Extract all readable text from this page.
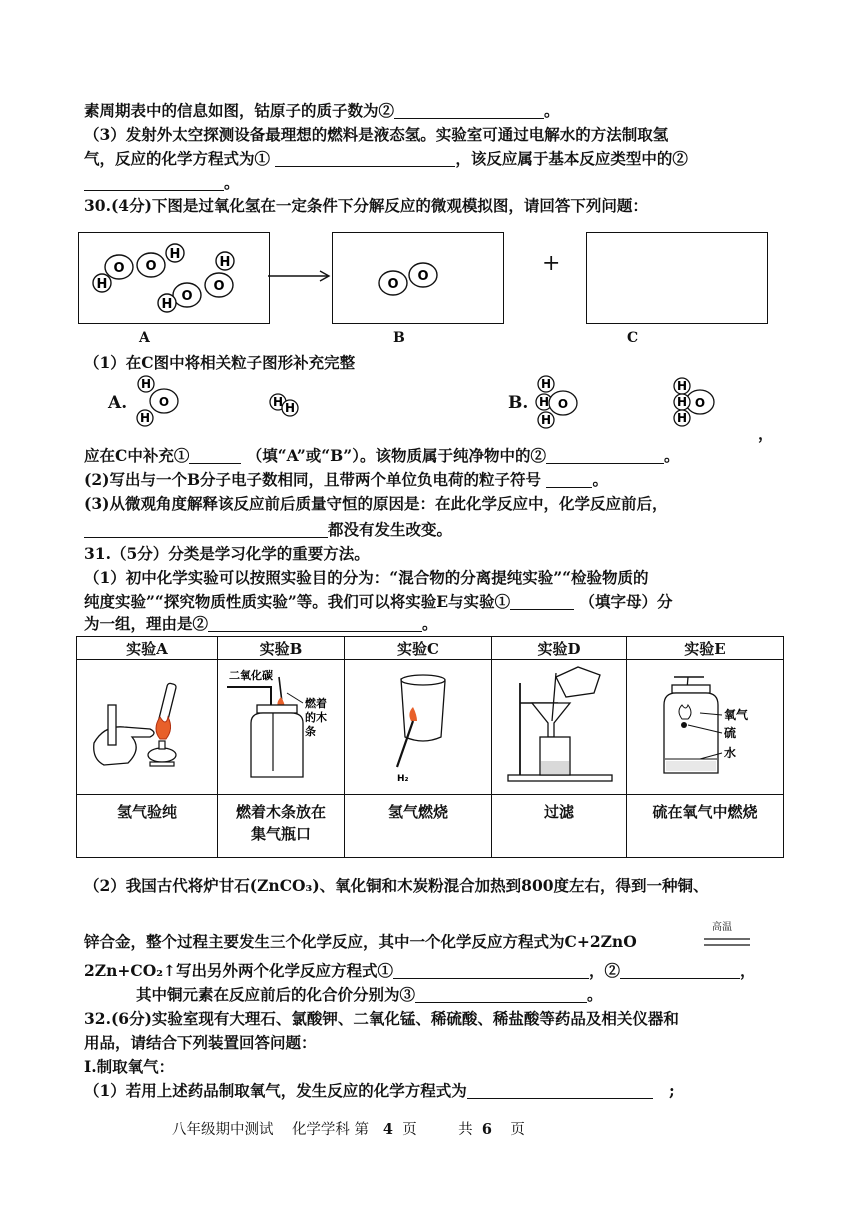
素周期表中的信息如图，钴原子的质子数为②	。
（3）发射外太空探测设备最理想的燃料是液态氢。实验室可通过电解水的方法制取氢
气，反应的化学方程式为①	，该反应属于基本反应类型中的②
。
30.(4分)下图是过氧化氢在一定条件下分解反应的微观模拟图，请回答下列问题：
O O
H
H
O
O
H
H
O
O
+
A	B	C
（1）在C图中将相关粒子图形补充完整
A.
H
O
H
H H	B.
H
H O
H
H
O
H
H
，
应在C中补充①	（填“A”或“B”）。该物质属于纯净物中的②	。
(2)写出与一个B分子电子数相同，且带两个单位负电荷的粒子符号	。
(3)从微观角度解释该反应前后质量守恒的原因是：在此化学反应中，化学反应前后，
都没有发生改变。
31.（5分）分类是学习化学的重要方法。
（1）初中化学实验可以按照实验目的分为：“混合物的分离提纯实验”“检验物质的
纯度实验”“探究物质性质实验”等。我们可以将实验E与实验①	（填字母）分
为一组，理由是②	。
实验A	实验B	实验C	实验D	实验E

二氧化碳
燃着
的木
条	H₂		氧气
硫
水

氢气验纯	燃着木条放在集气瓶口	氢气燃烧	过滤	硫在氧气中燃烧
（2）我国古代将炉甘石(ZnCO₃)、氧化铜和木炭粉混合加热到800度左右，得到一种铜、
高温
锌合金，整个过程主要发生三个化学反应，其中一个化学反应方程式为C+2ZnO
2Zn+CO₂↑写出另外两个化学反应方程式①	，②	，
其中铜元素在反应前后的化合价分别为③	。
32.(6分)实验室现有大理石、氯酸钾、二氧化锰、稀硫酸、稀盐酸等药品及相关仪器和
用品，请结合下列装置回答问题：
I.制取氧气：
（1）若用上述药品制取氧气，发生反应的化学方程式为	;
八年级期中测试 化学学科 第 4 页	共 6 页
